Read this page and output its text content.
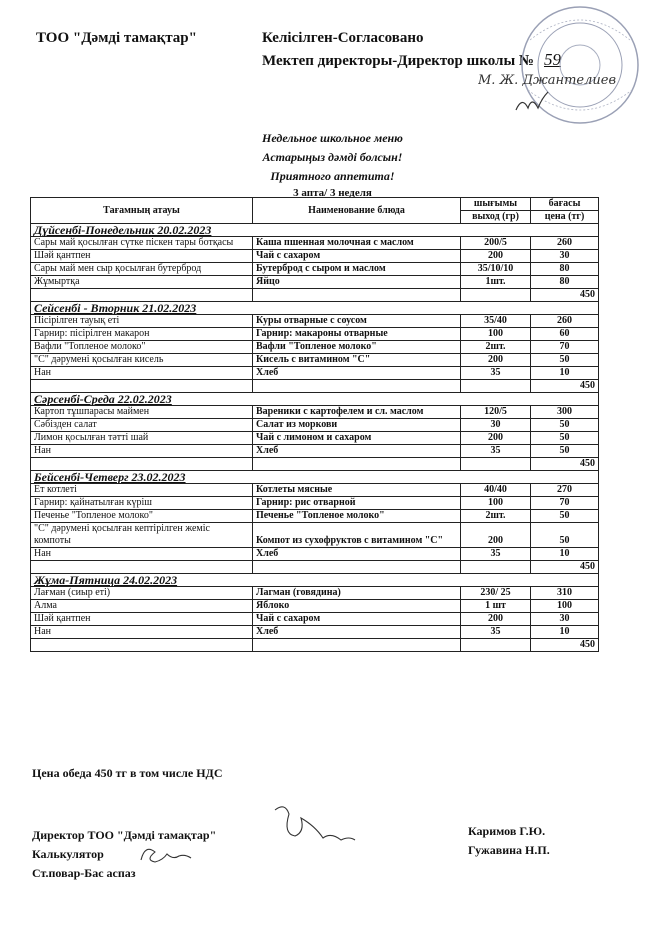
ТОО "Дәмді тамақтар"	Келісілген-Согласовано
Мектеп директоры-Директор школы № 59
М. Ж. Джантелиев
Недельное школьное меню
Астарыңыз дәмді болсын!
Приятного аппетита!
3 апта/ 3 неделя
Тағамның атауы	Наименование блюда	шығымы	бағасы
		выход (гр)	цена (тг)
Дүйсенбі-Понедельник 20.02.2023			
Сары май қосылған сүтке піскен тары ботқасы	Каша пшенная молочная с маслом	200/5	260
Шәй қантпен	Чай с сахаром	200	30
Сары май мен сыр қосылған бутерброд	Бутерброд с сыром и маслом	35/10/10	80
Жұмыртқа	Яйцо	1шт.	80
			450
Сейсенбі - Вторник 21.02.2023			
Пісірілген тауық еті	Куры отварные с соусом	35/40	260
Гарнир: пісірілген макарон	Гарнир: макароны отварные	100	60
Вафли "Топленое молоко"	Вафли "Топленое молоко"	2шт.	70
"С" дәрумені қосылған кисель	Кисель с витамином "С"	200	50
Нан	Хлеб	35	10
			450
Сәрсенбі-Среда 22.02.2023			
Картоп тұшпарасы маймен	Вареники с картофелем и сл. маслом	120/5	300
Сәбізден салат	Салат из моркови	30	50
Лимон қосылған тәтті шай	Чай с лимоном и сахаром	200	50
Нан	Хлеб	35	50
			450
Бейсенбі-Четверг 23.02.2023			
Ет котлеті	Котлеты мясные	40/40	270
Гарнир: қайнатылған күріш	Гарнир: рис отварной	100	70
Печенье "Топленое молоко"	Печенье "Топленое молоко"	2шт.	50
"С" дәрумені қосылған кептірілген жеміс компоты	Компот из сухофруктов с витамином "С"	200	50
Нан	Хлеб	35	10
			450
Жұма-Пятница 24.02.2023			
Лағман (сиыр еті)	Лагман (говядина)	230/ 25	310
Алма	Яблоко	1 шт	100
Шәй қантпен	Чай с сахаром	200	30
Нан	Хлеб	35	10
			450
Цена обеда 450 тг в том числе НДС
Директор ТОО "Дәмді тамақтар"
Калькулятор
Ст.повар-Бас аспаз
Каримов Г.Ю.
Гужавина Н.П.
